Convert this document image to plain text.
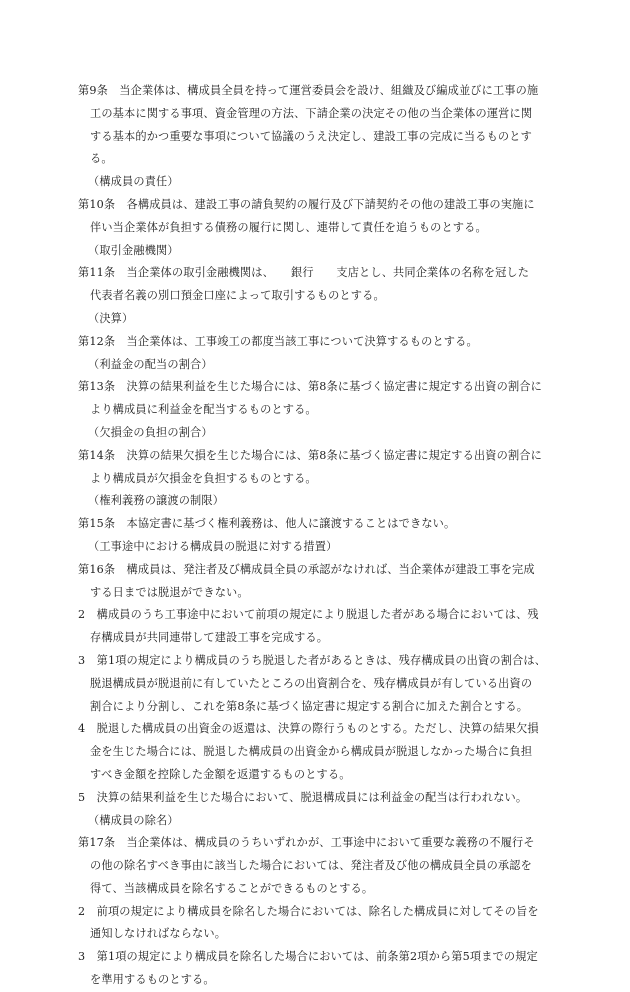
第9条　当企業体は、構成員全員を持って運営委員会を設け、組織及び編成並びに工事の施
工の基本に関する事項、資金管理の方法、下請企業の決定その他の当企業体の運営に関
する基本的かつ重要な事項について協議のうえ決定し、建設工事の完成に当るものとす
る。
（構成員の責任）
第10条　各構成員は、建設工事の請負契約の履行及び下請契約その他の建設工事の実施に
伴い当企業体が負担する債務の履行に関し、連帯して責任を追うものとする。
（取引金融機関）
第11条　当企業体の取引金融機関は、　　銀行　　支店とし、共同企業体の名称を冠した
代表者名義の別口預金口座によって取引するものとする。
（決算）
第12条　当企業体は、工事竣工の都度当該工事について決算するものとする。
（利益金の配当の割合）
第13条　決算の結果利益を生じた場合には、第8条に基づく協定書に規定する出資の割合に
より構成員に利益金を配当するものとする。
（欠損金の負担の割合）
第14条　決算の結果欠損を生じた場合には、第8条に基づく協定書に規定する出資の割合に
より構成員が欠損金を負担するものとする。
（権利義務の譲渡の制限）
第15条　本協定書に基づく権利義務は、他人に譲渡することはできない。
（工事途中における構成員の脱退に対する措置）
第16条　構成員は、発注者及び構成員全員の承認がなければ、当企業体が建設工事を完成
する日までは脱退ができない。
2　構成員のうち工事途中において前項の規定により脱退した者がある場合においては、残
存構成員が共同連帯して建設工事を完成する。
3　第1項の規定により構成員のうち脱退した者があるときは、残存構成員の出資の割合は、
脱退構成員が脱退前に有していたところの出資割合を、残存構成員が有している出資の
割合により分割し、これを第8条に基づく協定書に規定する割合に加えた割合とする。
4　脱退した構成員の出資金の返還は、決算の際行うものとする。ただし、決算の結果欠損
金を生じた場合には、脱退した構成員の出資金から構成員が脱退しなかった場合に負担
すべき金額を控除した金額を返還するものとする。
5　決算の結果利益を生じた場合において、脱退構成員には利益金の配当は行われない。
（構成員の除名）
第17条　当企業体は、構成員のうちいずれかが、工事途中において重要な義務の不履行そ
の他の除名すべき事由に該当した場合においては、発注者及び他の構成員全員の承認を
得て、当該構成員を除名することができるものとする。
2　前項の規定により構成員を除名した場合においては、除名した構成員に対してその旨を
通知しなければならない。
3　第1項の規定により構成員を除名した場合においては、前条第2項から第5項までの規定
を準用するものとする。
